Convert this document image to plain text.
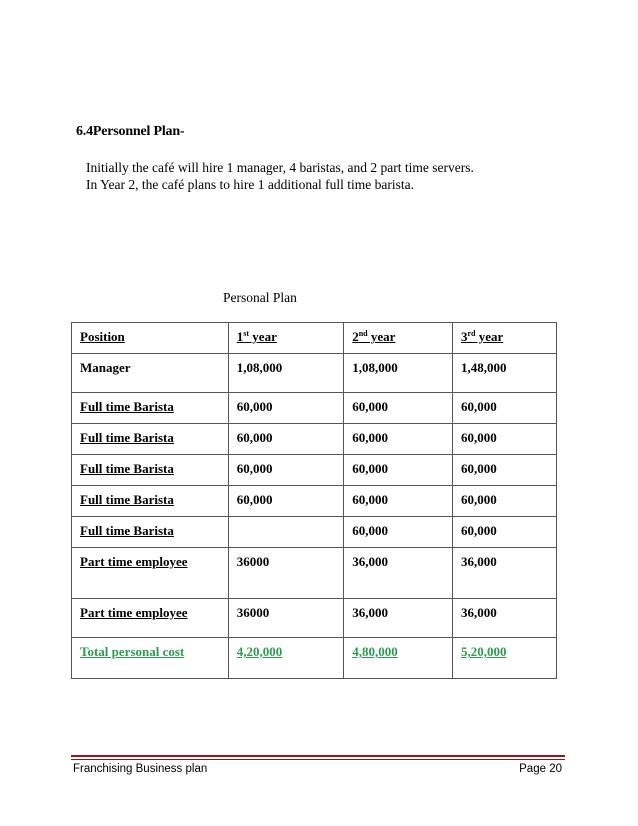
6.4Personnel Plan-

Initially the café will hire 1 manager, 4 baristas, and 2 part time servers.

In Year 2, the café plans to hire 1 additional full time barista.

Personal Plan
Position	1st year	2nd year	3rd year
Manager	1,08,000	1,08,000	1,48,000
Full time Barista	60,000	60,000	60,000
Full time Barista	60,000	60,000	60,000
Full time Barista	60,000	60,000	60,000
Full time Barista	60,000	60,000	60,000
Full time Barista		60,000	60,000
Part time employee	36000	36,000	36,000
Part time employee	36000	36,000	36,000
Total personal cost	4,20,000	4,80,000	5,20,000
Franchising Business plan	Page 20
